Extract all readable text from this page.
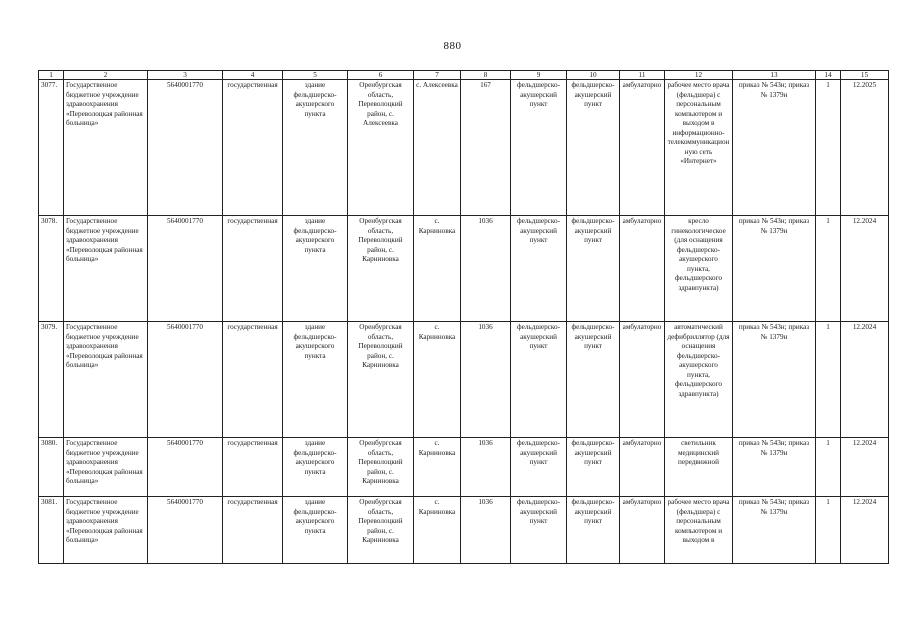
880
1	2	3	4	5	6	7	8	9	10	11	12	13	14	15
3077.	Государственное бюджетное учреждение здравоохранения «Переволоцкая районная больница»	5640001770	государственная	здание фельдшерско-акушерского пункта	Оренбургская область, Переволоцкий район, с. Алексеевка	с. Алексеевка	167	фельдшерско-акушерский пункт	фельдшерско-акушерский пункт	амбулаторно	рабочее место врача (фельдшера) с персональным компьютером и выходом в информационно-телекоммуникационную сеть «Интернет»	приказ № 543н; приказ № 1379н	1	12.2025
3078.	Государственное бюджетное учреждение здравоохранения «Переволоцкая районная больница»	5640001770	государственная	здание фельдшерско-акушерского пункта	Оренбургская область, Переволоцкий район, с. Карниновка	с. Карниновка	1036	фельдшерско-акушерский пункт	фельдшерско-акушерский пункт	амбулаторно	кресло гинекологическое (для оснащения фельдшерско-акушерского пункта, фельдшерского здравпункта)	приказ № 543н; приказ № 1379н	1	12.2024
3079.	Государственное бюджетное учреждение здравоохранения «Переволоцкая районная больница»	5640001770	государственная	здание фельдшерско-акушерского пункта	Оренбургская область, Переволоцкий район, с. Карниновка	с. Карниновка	1036	фельдшерско-акушерский пункт	фельдшерско-акушерский пункт	амбулаторно	автоматический дефибриллятор (для оснащения фельдшерско-акушерского пункта, фельдшерского здравпункта)	приказ № 543н; приказ № 1379н	1	12.2024
3080.	Государственное бюджетное учреждение здравоохранения «Переволоцкая районная больница»	5640001770	государственная	здание фельдшерско-акушерского пункта	Оренбургская область, Переволоцкий район, с. Карниновка	с. Карниновка	1036	фельдшерско-акушерский пункт	фельдшерско-акушерский пункт	амбулаторно	светильник медицинский передвижной	приказ № 543н; приказ № 1379н	1	12.2024
3081.	Государственное бюджетное учреждение здравоохранения «Переволоцкая районная больница»	5640001770	государственная	здание фельдшерско-акушерского пункта	Оренбургская область, Переволоцкий район, с. Карниновка	с. Карниновка	1036	фельдшерско-акушерский пункт	фельдшерско-акушерский пункт	амбулаторно	рабочее место врача (фельдшера) с персональным компьютером и выходом в	приказ № 543н; приказ № 1379н	1	12.2024
